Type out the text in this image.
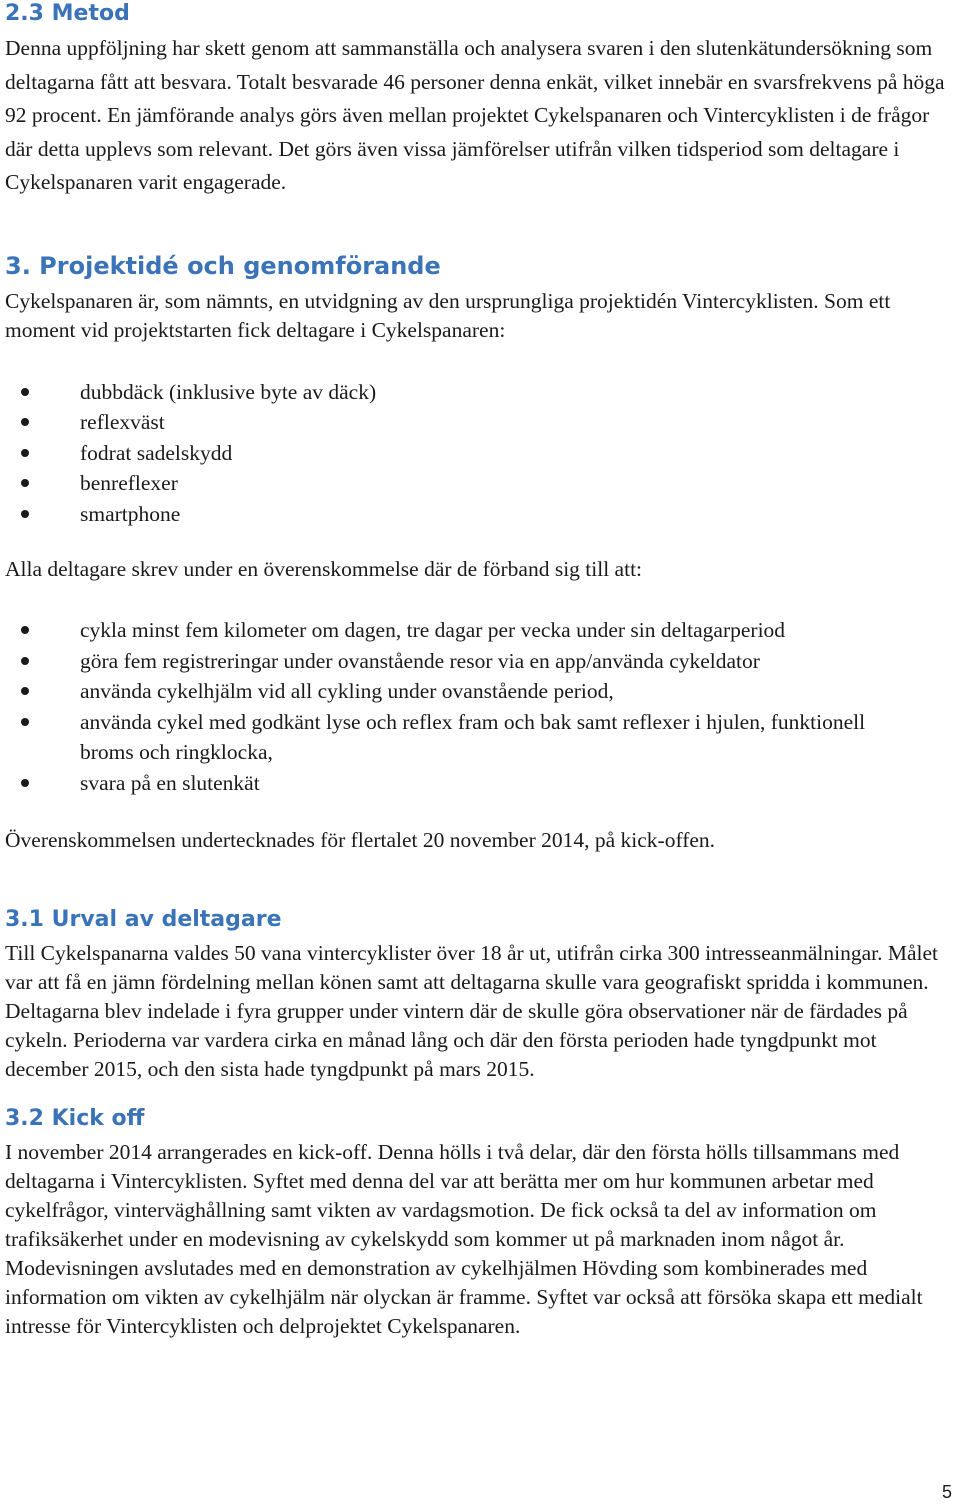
2.3 Metod

Denna uppföljning har skett genom att sammanställa och analysera svaren i den slutenkätundersökning som deltagarna fått att besvara. Totalt besvarade 46 personer denna enkät, vilket innebär en svarsfrekvens på höga 92 procent. En jämförande analys görs även mellan projektet Cykelspanaren och Vintercyklisten i de frågor där detta upplevs som relevant. Det görs även vissa jämförelser utifrån vilken tidsperiod som deltagare i Cykelspanaren varit engagerade.

3. Projektidé och genomförande

Cykelspanaren är, som nämnts, en utvidgning av den ursprungliga projektidén Vintercyklisten. Som ett moment vid projektstarten fick deltagare i Cykelspanaren:

dubbdäck (inklusive byte av däck)
reflexväst
fodrat sadelskydd
benreflexer
smartphone

Alla deltagare skrev under en överenskommelse där de förband sig till att:

cykla minst fem kilometer om dagen, tre dagar per vecka under sin deltagarperiod
göra fem registreringar under ovanstående resor via en app/använda cykeldator
använda cykelhjälm vid all cykling under ovanstående period,
använda cykel med godkänt lyse och reflex fram och bak samt reflexer i hjulen, funktionell broms och ringklocka,
svara på en slutenkät

Överenskommelsen undertecknades för flertalet 20 november 2014, på kick-offen.

3.1 Urval av deltagare

Till Cykelspanarna valdes 50 vana vintercyklister över 18 år ut, utifrån cirka 300 intresseanmälningar. Målet var att få en jämn fördelning mellan könen samt att deltagarna skulle vara geografiskt spridda i kommunen. Deltagarna blev indelade i fyra grupper under vintern där de skulle göra observationer när de färdades på cykeln. Perioderna var vardera cirka en månad lång och där den första perioden hade tyngdpunkt mot december 2015, och den sista hade tyngdpunkt på mars 2015.

3.2 Kick off

I november 2014 arrangerades en kick-off. Denna hölls i två delar, där den första hölls tillsammans med deltagarna i Vintercyklisten. Syftet med denna del var att berätta mer om hur kommunen arbetar med cykelfrågor, vinterväghållning samt vikten av vardagsmotion. De fick också ta del av information om trafiksäkerhet under en modevisning av cykelskydd som kommer ut på marknaden inom något år. Modevisningen avslutades med en demonstration av cykelhjälmen Hövding som kombinerades med information om vikten av cykelhjälm när olyckan är framme. Syftet var också att försöka skapa ett medialt intresse för Vintercyklisten och delprojektet Cykelspanaren.

5
